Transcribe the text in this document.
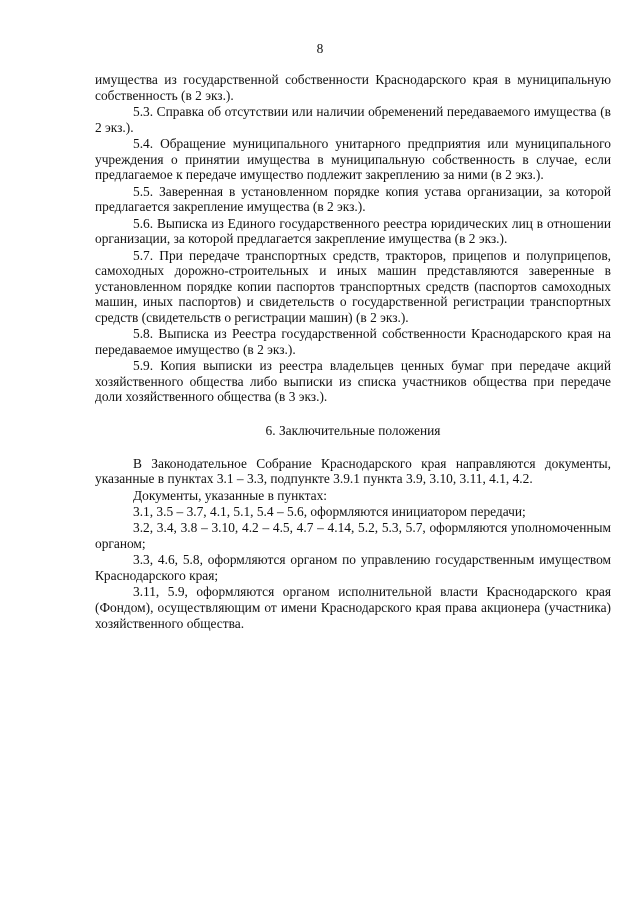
8

имущества из государственной собственности Краснодарского края в муниципальную собственность (в 2 экз.).

5.3. Справка об отсутствии или наличии обременений передаваемого имущества (в 2 экз.).

5.4. Обращение муниципального унитарного предприятия или муниципального учреждения о принятии имущества в муниципальную собственность в случае, если предлагаемое к передаче имущество подлежит закреплению за ними (в 2 экз.).

5.5. Заверенная в установленном порядке копия устава организации, за которой предлагается закрепление имущества (в 2 экз.).

5.6. Выписка из Единого государственного реестра юридических лиц в отношении организации, за которой предлагается закрепление имущества (в 2 экз.).

5.7. При передаче транспортных средств, тракторов, прицепов и полуприцепов, самоходных дорожно-строительных и иных машин представляются заверенные в установленном порядке копии паспортов транспортных средств (паспортов самоходных машин, иных паспортов) и свидетельств о государственной регистрации транспортных средств (свидетельств о регистрации машин) (в 2 экз.).

5.8. Выписка из Реестра государственной собственности Краснодарского края на передаваемое имущество (в 2 экз.).

5.9. Копия выписки из реестра владельцев ценных бумаг при передаче акций хозяйственного общества либо выписки из списка участников общества при передаче доли хозяйственного общества (в 3 экз.).

6. Заключительные положения

В Законодательное Собрание Краснодарского края направляются документы, указанные в пунктах 3.1 – 3.3, подпункте 3.9.1 пункта 3.9, 3.10, 3.11, 4.1, 4.2.

Документы, указанные в пунктах:

3.1, 3.5 – 3.7, 4.1, 5.1, 5.4 – 5.6, оформляются инициатором передачи;

3.2, 3.4, 3.8 – 3.10, 4.2 – 4.5, 4.7 – 4.14, 5.2, 5.3, 5.7, оформляются уполномоченным органом;

3.3, 4.6, 5.8, оформляются органом по управлению государственным имуществом Краснодарского края;

3.11, 5.9, оформляются органом исполнительной власти Краснодарского края (Фондом), осуществляющим от имени Краснодарского края права акционера (участника) хозяйственного общества.
